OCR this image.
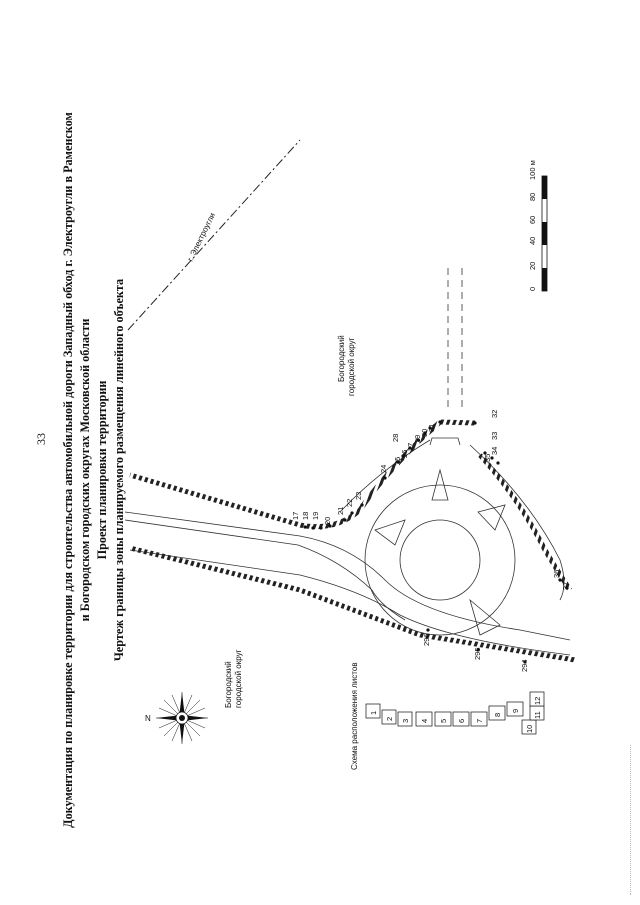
33 Документация по планировке территории для строительства автомобильной дороги Западный обход г. Электроугли в Раменском и Богородском городских округах Московской области Проект планировки территории Чертеж границы зоны планируемого размещения линейного объекта	17 18 19
20
21
22
23
24
25
26
27
28 29
30
31
32
33
34
35
36
37
294
295
296
г. Электроугли
Богородский городской округ
Богородский городской округ
0
20
40
60
80
100 м
N	Схема расположения листов 1
2 3 4 5 6 7
8
9
10
11
12
